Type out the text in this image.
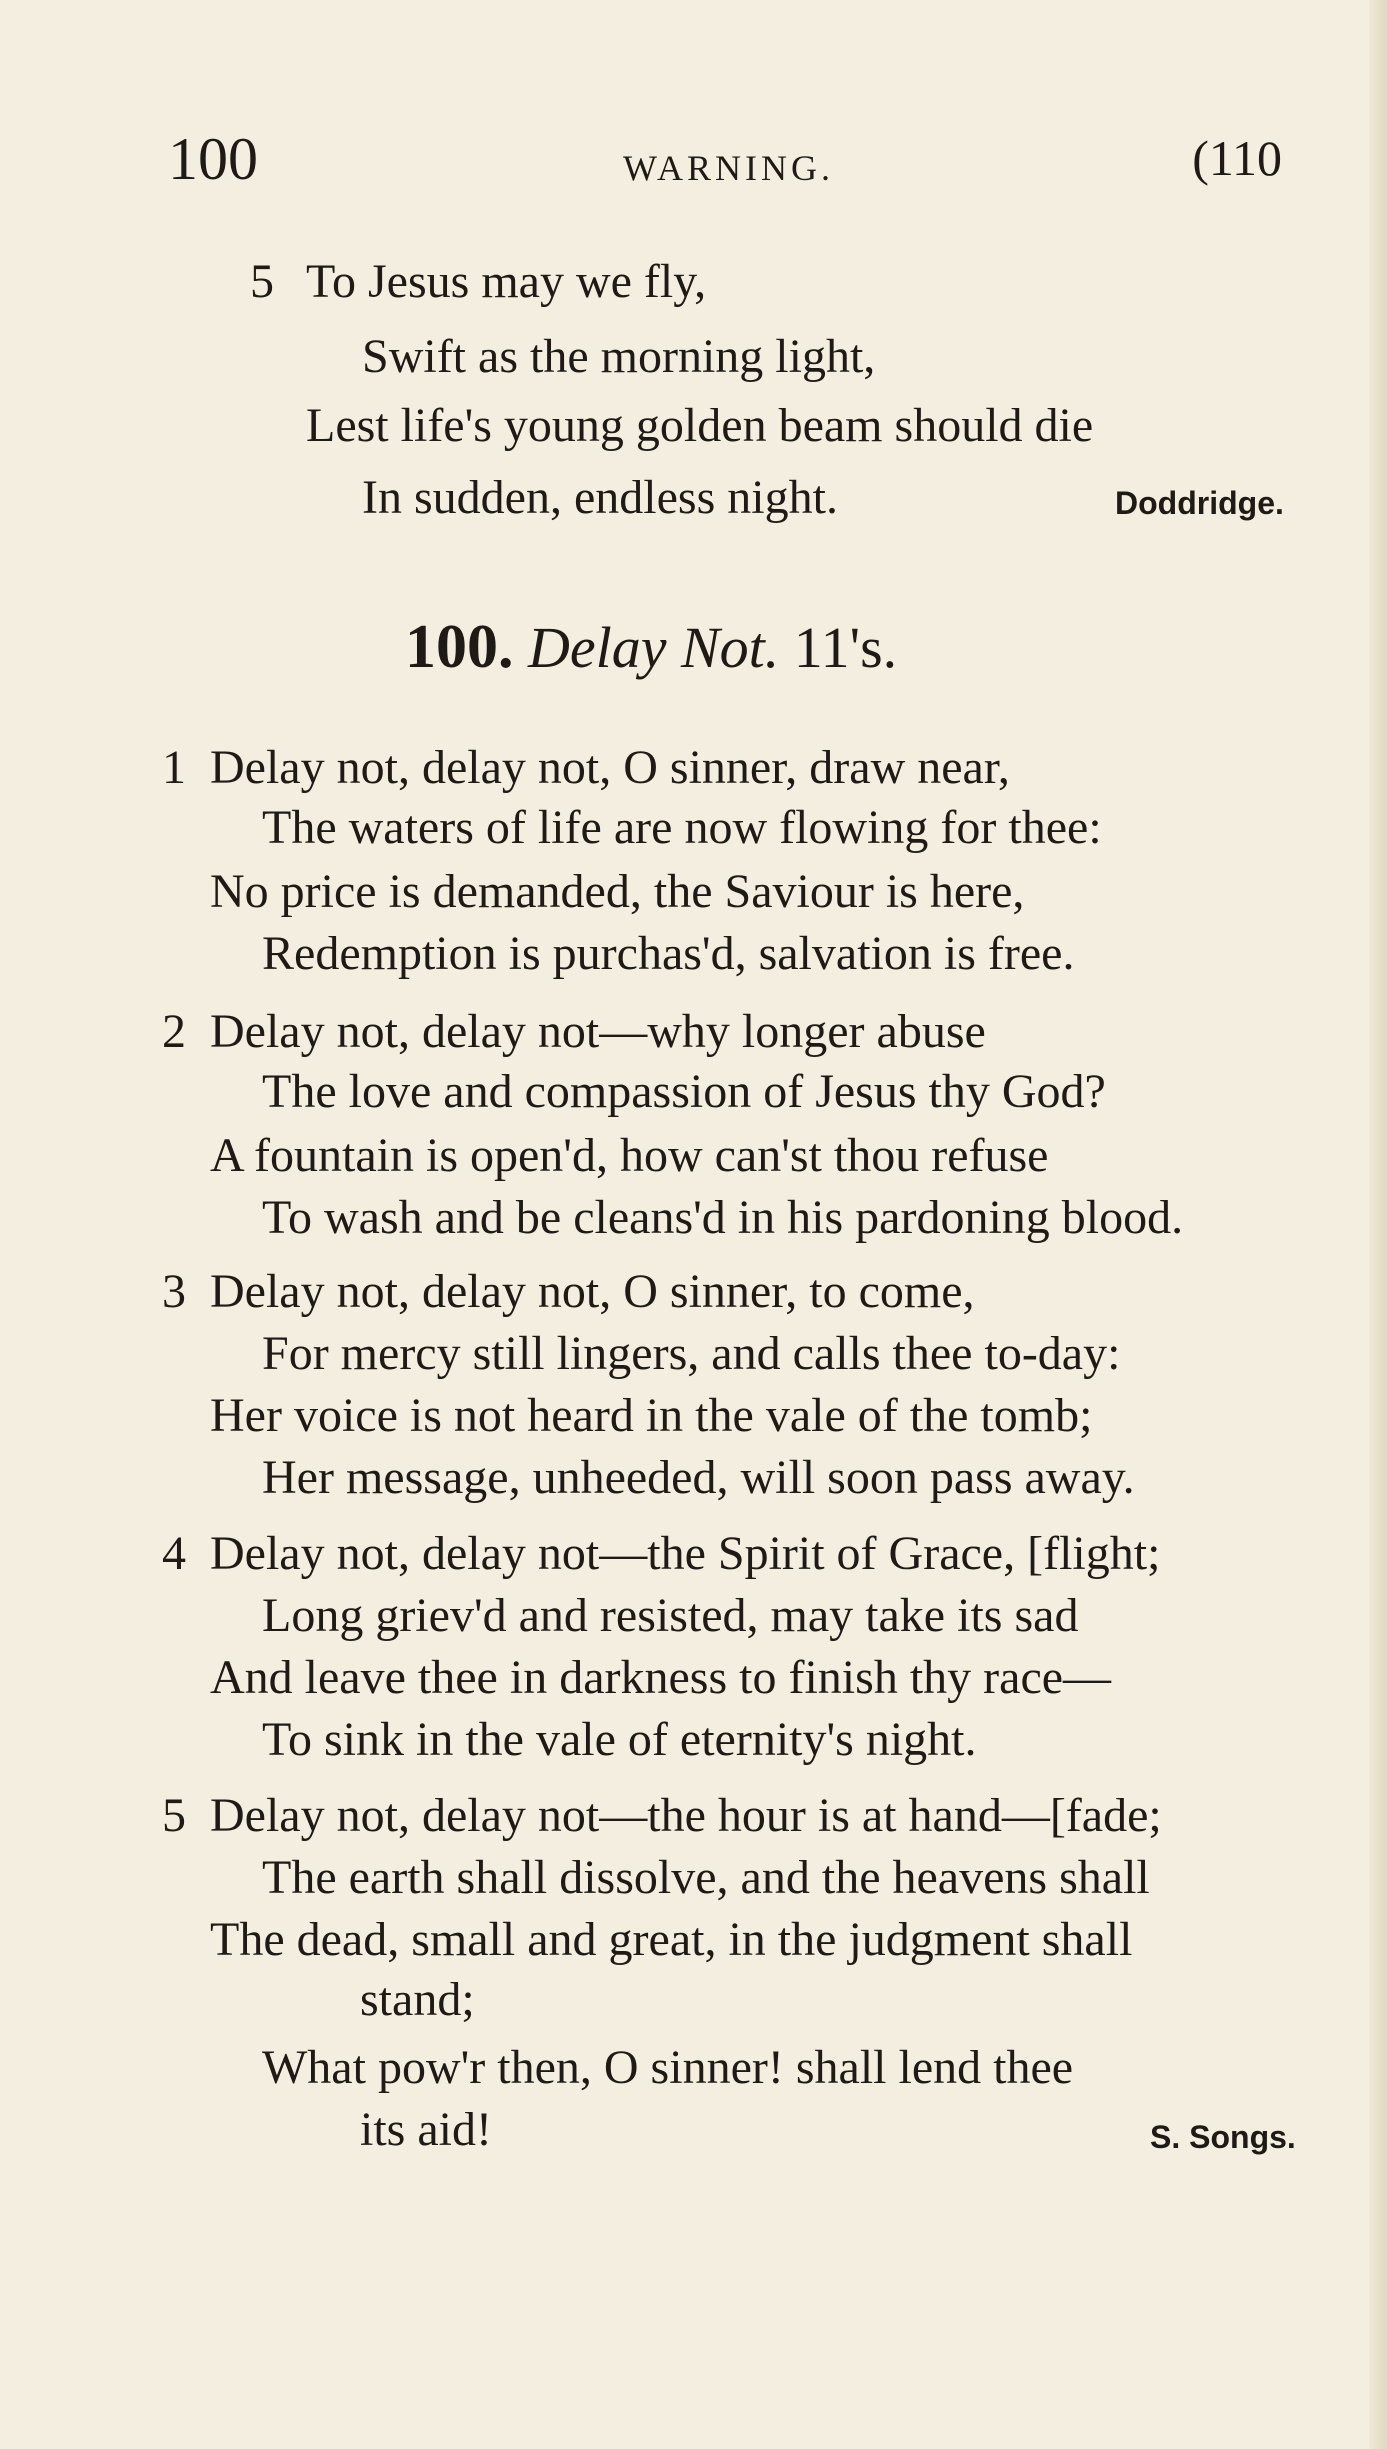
100	WARNING.	(110
5 To Jesus may we fly,
Swift as the morning light,
Lest life's young golden beam should die
In sudden, endless night.	Doddridge.
100. Delay Not. 11's.
1 Delay not, delay not, O sinner, draw near,
The waters of life are now flowing for thee:
No price is demanded, the Saviour is here,
Redemption is purchas'd, salvation is free.
2 Delay not, delay not—why longer abuse
The love and compassion of Jesus thy God?
A fountain is open'd, how can'st thou refuse
To wash and be cleans'd in his pardoning blood.
3 Delay not, delay not, O sinner, to come,
For mercy still lingers, and calls thee to-day:
Her voice is not heard in the vale of the tomb;
Her message, unheeded, will soon pass away.
4 Delay not, delay not—the Spirit of Grace, [flight;
Long griev'd and resisted, may take its sad
And leave thee in darkness to finish thy race—
To sink in the vale of eternity's night.
5 Delay not, delay not—the hour is at hand—[fade;
The earth shall dissolve, and the heavens shall
The dead, small and great, in the judgment shall
stand;
What pow'r then, O sinner! shall lend thee
its aid!	S. Songs.
